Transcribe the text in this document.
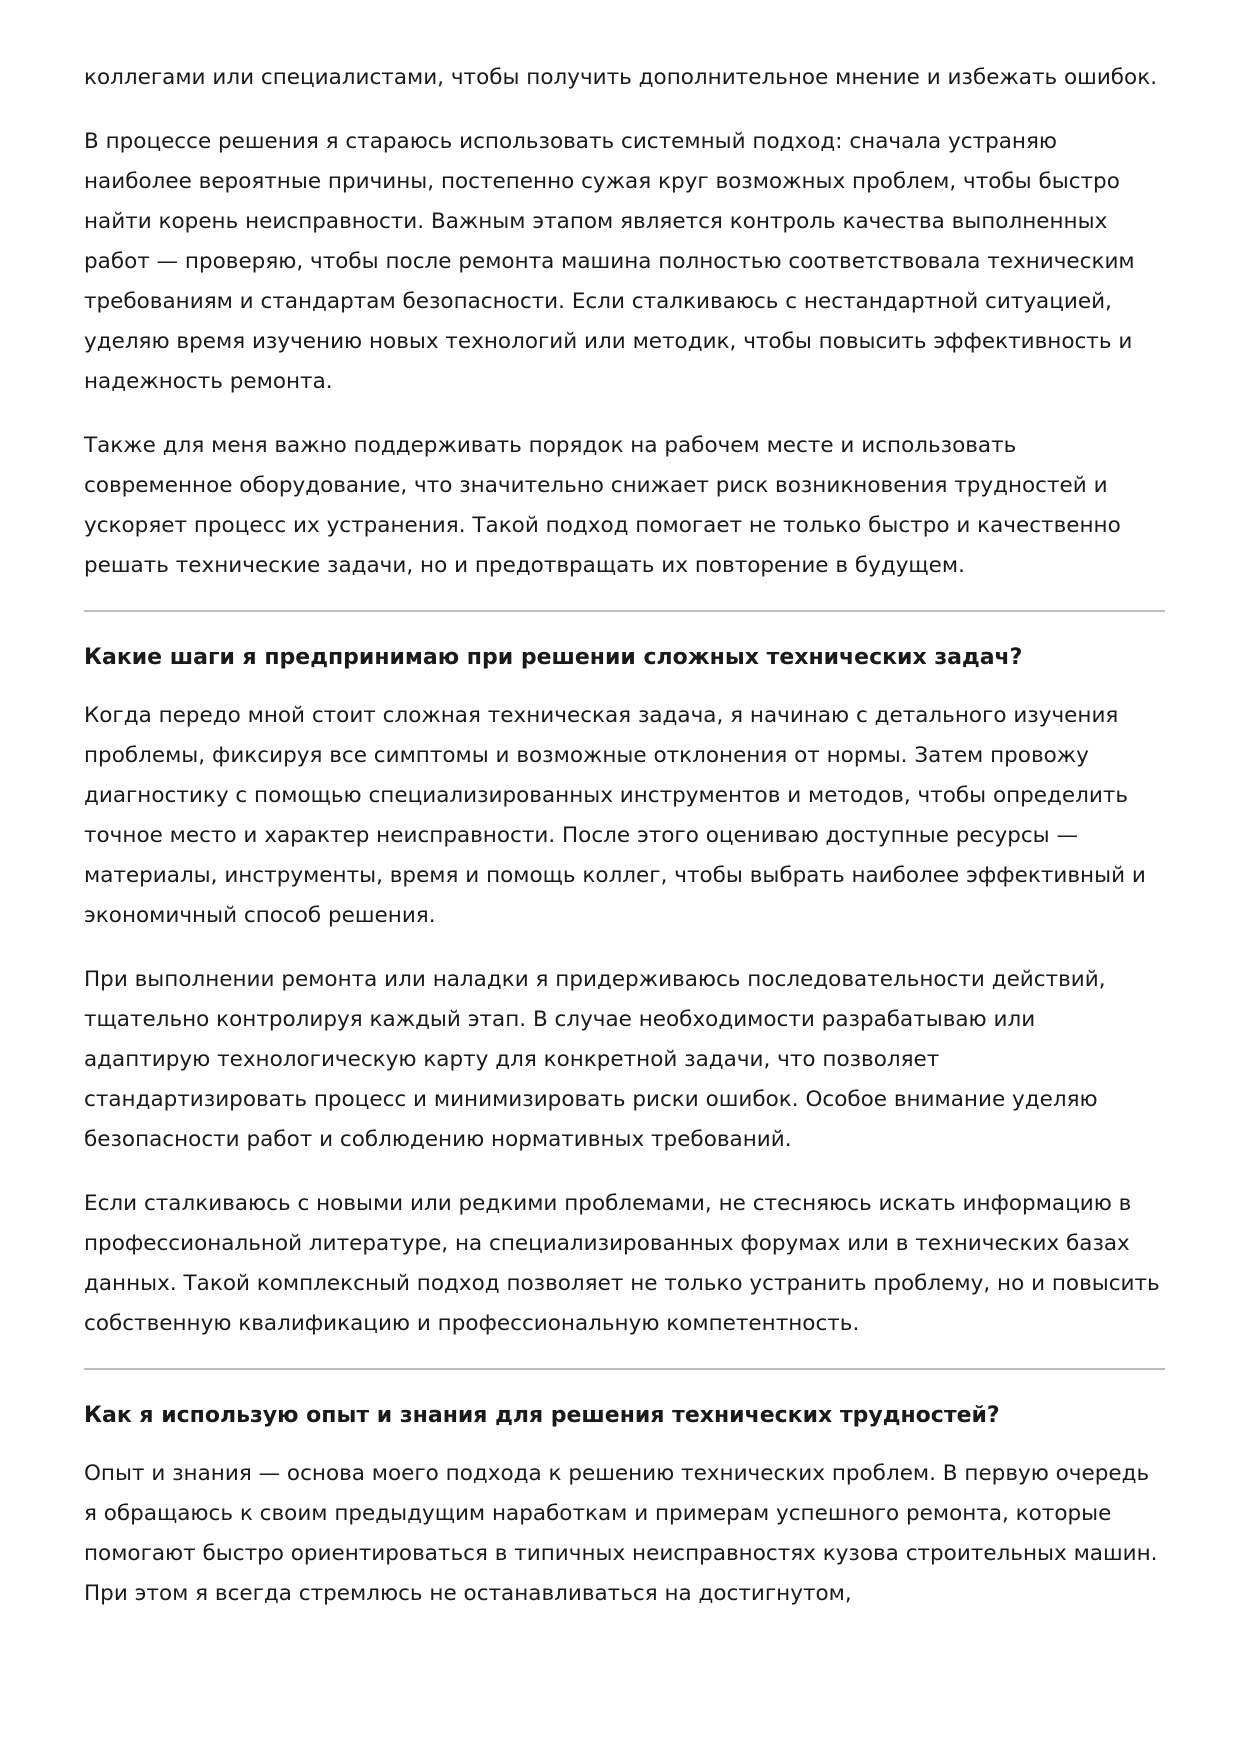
коллегами или специалистами, чтобы получить дополнительное мнение и избежать ошибок.

В процессе решения я стараюсь использовать системный подход: сначала устраняю наиболее вероятные причины, постепенно сужая круг возможных проблем, чтобы быстро найти корень неисправности. Важным этапом является контроль качества выполненных работ — проверяю, чтобы после ремонта машина полностью соответствовала техническим требованиям и стандартам безопасности. Если сталкиваюсь с нестандартной ситуацией, уделяю время изучению новых технологий или методик, чтобы повысить эффективность и надежность ремонта.

Также для меня важно поддерживать порядок на рабочем месте и использовать современное оборудование, что значительно снижает риск возникновения трудностей и ускоряет процесс их устранения. Такой подход помогает не только быстро и качественно решать технические задачи, но и предотвращать их повторение в будущем.

Какие шаги я предпринимаю при решении сложных технических задач?

Когда передо мной стоит сложная техническая задача, я начинаю с детального изучения проблемы, фиксируя все симптомы и возможные отклонения от нормы. Затем провожу диагностику с помощью специализированных инструментов и методов, чтобы определить точное место и характер неисправности. После этого оцениваю доступные ресурсы — материалы, инструменты, время и помощь коллег, чтобы выбрать наиболее эффективный и экономичный способ решения.

При выполнении ремонта или наладки я придерживаюсь последовательности действий, тщательно контролируя каждый этап. В случае необходимости разрабатываю или адаптирую технологическую карту для конкретной задачи, что позволяет стандартизировать процесс и минимизировать риски ошибок. Особое внимание уделяю безопасности работ и соблюдению нормативных требований.

Если сталкиваюсь с новыми или редкими проблемами, не стесняюсь искать информацию в профессиональной литературе, на специализированных форумах или в технических базах данных. Такой комплексный подход позволяет не только устранить проблему, но и повысить собственную квалификацию и профессиональную компетентность.

Как я использую опыт и знания для решения технических трудностей?

Опыт и знания — основа моего подхода к решению технических проблем. В первую очередь я обращаюсь к своим предыдущим наработкам и примерам успешного ремонта, которые помогают быстро ориентироваться в типичных неисправностях кузова строительных машин. При этом я всегда стремлюсь не останавливаться на достигнутом,
